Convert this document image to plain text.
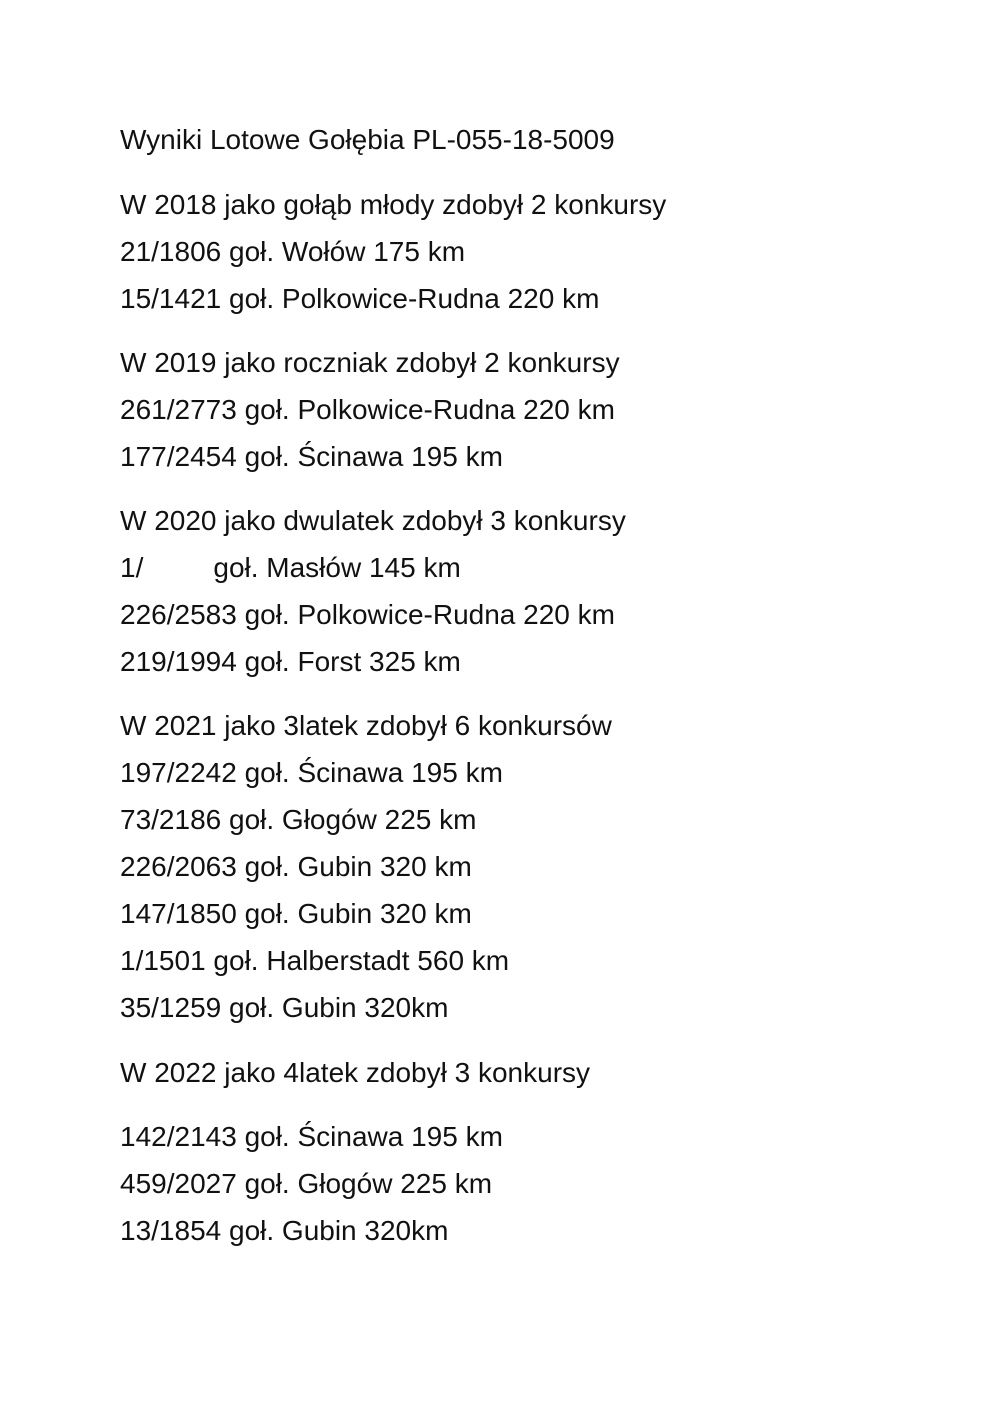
Wyniki Lotowe Gołębia PL-055-18-5009
W 2018 jako gołąb młody zdobył 2 konkursy
21/1806 goł. Wołów 175 km
15/1421 goł. Polkowice-Rudna 220 km
W 2019 jako roczniak zdobył 2 konkursy
261/2773 goł. Polkowice-Rudna 220 km
177/2454 goł. Ścinawa 195 km
W 2020 jako dwulatek zdobył 3 konkursy
1/         goł. Masłów 145 km
226/2583 goł. Polkowice-Rudna 220 km
219/1994 goł. Forst 325 km
W 2021 jako 3latek zdobył 6 konkursów
197/2242 goł. Ścinawa 195 km
73/2186 goł. Głogów 225 km
226/2063 goł. Gubin 320 km
147/1850 goł. Gubin 320 km
1/1501 goł. Halberstadt 560 km
35/1259 goł. Gubin 320km
W 2022 jako 4latek zdobył 3 konkursy
142/2143 goł. Ścinawa 195 km
459/2027 goł. Głogów 225 km
13/1854 goł. Gubin 320km
